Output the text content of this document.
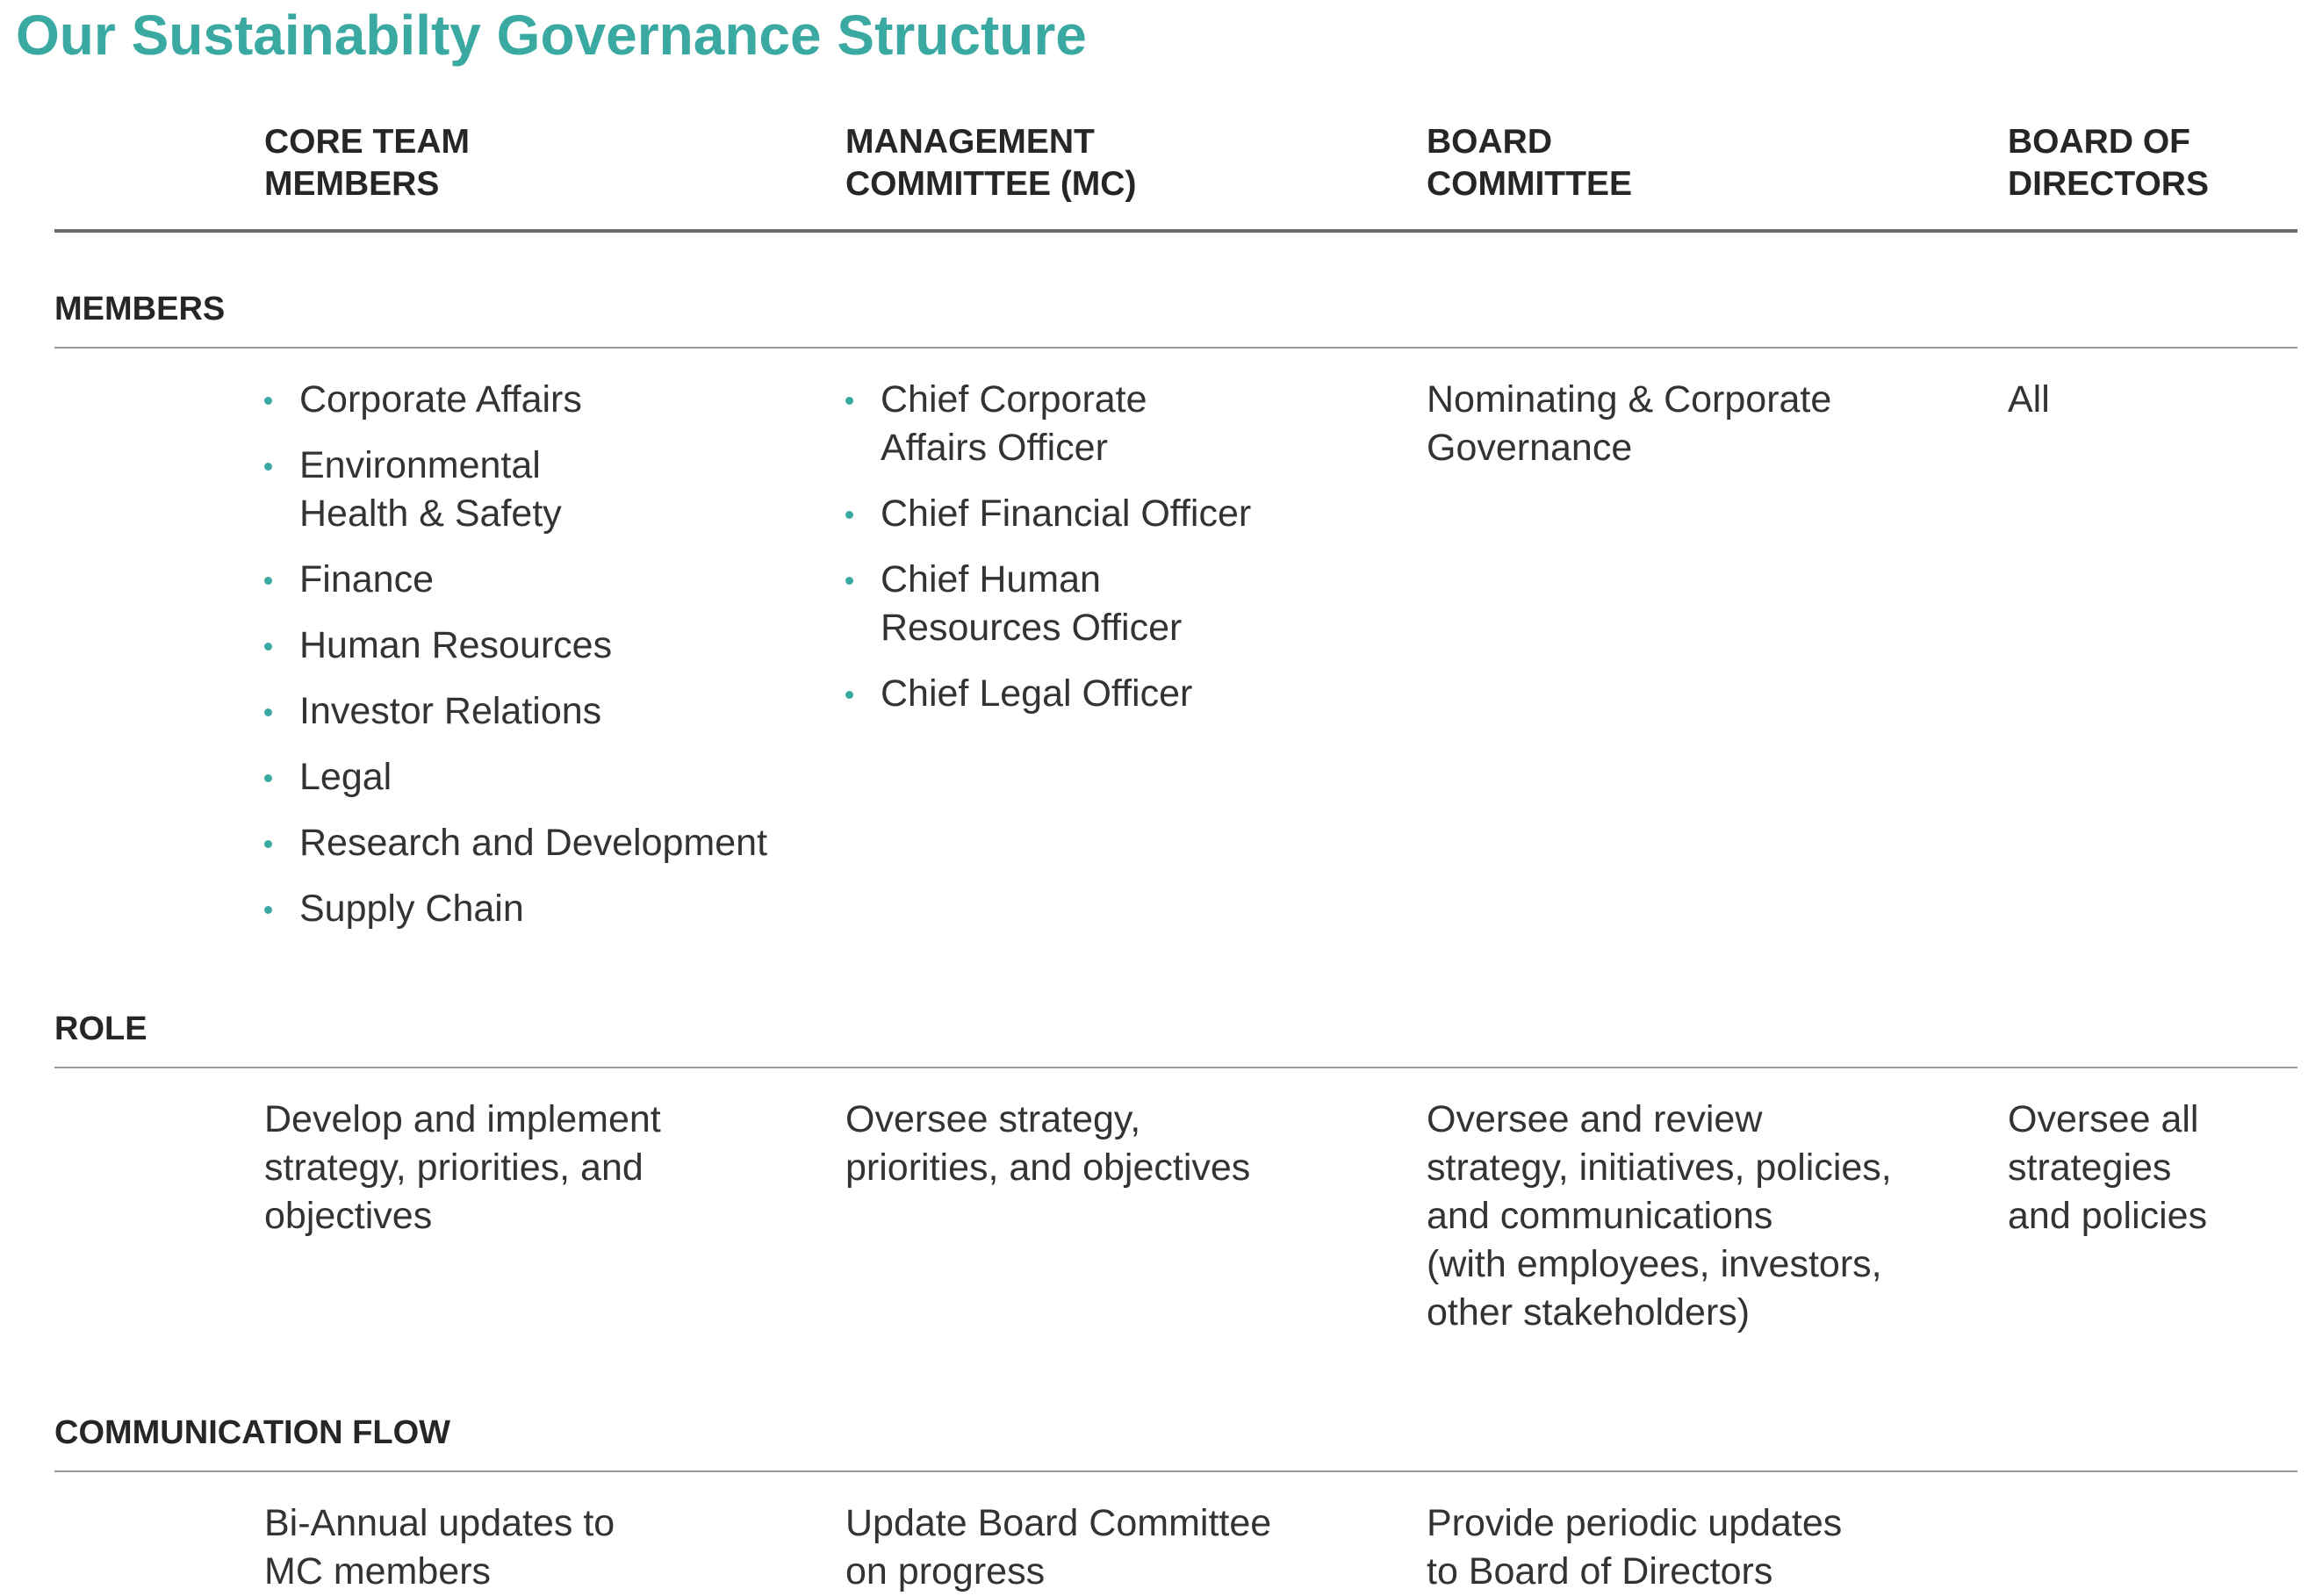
Our Sustainabilty Governance Structure
CORE TEAM
MEMBERS
MANAGEMENT
COMMITTEE (MC)
BOARD
COMMITTEE
BOARD OF
DIRECTORS
MEMBERS
Corporate Affairs
Environmental
Health & Safety
Finance
Human Resources
Investor Relations
Legal
Research and Development
Supply Chain
Chief Corporate
Affairs Officer
Chief Financial Officer
Chief Human
Resources Officer
Chief Legal Officer
Nominating & Corporate
Governance
All
ROLE
Develop and implement
strategy, priorities, and
objectives
Oversee strategy,
priorities, and objectives
Oversee and review
strategy, initiatives, policies,
and communications
(with employees, investors,
other stakeholders)
Oversee all
strategies
and policies
COMMUNICATION FLOW
Bi-Annual updates to
MC members
Update Board Committee
on progress
Provide periodic updates
to Board of Directors
